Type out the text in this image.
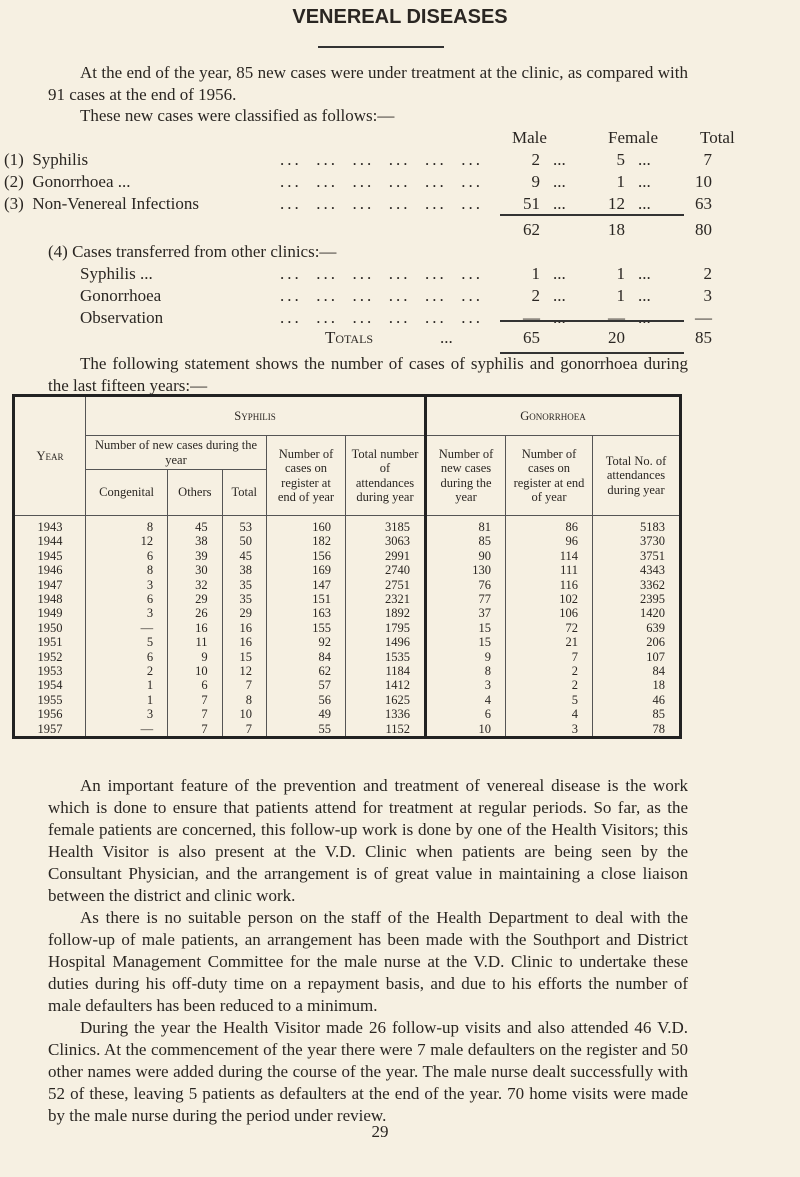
VENEREAL DISEASES

At the end of the year, 85 new cases were under treatment at the clinic, as compared with 91 cases at the end of 1956.

These new cases were classified as follows:—
Male	Female Total
(1) Syphilis	...  ...  ...  ...  ...  ...	2 ...	5 ...	7
(2) Gonorrhoea ...	...  ...  ...  ...  ...  ...	9 ...	1 ...	10
(3) Non-Venereal Infections	...  ...  ...  ...  ...  ...	51 ...	12 ...	63
62	18	80
(4) Cases transferred from other clinics:—
Syphilis ...	...  ...  ...  ...  ...  ...	1 ...	1 ...	2
Gonorrhoea	...  ...  ...  ...  ...  ...	2 ...	1 ...	3
Observation	...  ...  ...  ...  ...  ...	— ...	— ...	—
Totals	...	65	20	85

The following statement shows the number of cases of syphilis and gonorrhoea during the last fifteen years:—

Year	Syphilis					Gonorrhoea		
	Number of new cases during the year			Number of cases on register at end of year	Total number of attendances during year	Number of new cases during the year	Number of cases on register at end of year	Total No. of attendances during year
	Congenital	Others	Total					
1943	8	45	53	160	3185	81	86	5183
1944	12	38	50	182	3063	85	96	3730
1945	6	39	45	156	2991	90	114	3751
1946	8	30	38	169	2740	130	111	4343
1947	3	32	35	147	2751	76	116	3362
1948	6	29	35	151	2321	77	102	2395
1949	3	26	29	163	1892	37	106	1420
1950	—	16	16	155	1795	15	72	639
1951	5	11	16	92	1496	15	21	206
1952	6	9	15	84	1535	9	7	107
1953	2	10	12	62	1184	8	2	84
1954	1	6	7	57	1412	3	2	18
1955	1	7	8	56	1625	4	5	46
1956	3	7	10	49	1336	6	4	85
1957	—	7	7	55	1152	10	3	78

An important feature of the prevention and treatment of venereal disease is the work which is done to ensure that patients attend for treatment at regular periods. So far, as the female patients are concerned, this follow-up work is done by one of the Health Visitors; this Health Visitor is also present at the V.D. Clinic when patients are being seen by the Consultant Physician, and the arrangement is of great value in maintaining a close liaison between the district and clinic work.

As there is no suitable person on the staff of the Health Department to deal with the follow-up of male patients, an arrangement has been made with the Southport and District Hospital Management Committee for the male nurse at the V.D. Clinic to undertake these duties during his off-duty time on a repayment basis, and due to his efforts the number of male defaulters has been reduced to a minimum.

During the year the Health Visitor made 26 follow-up visits and also attended 46 V.D. Clinics. At the commencement of the year there were 7 male defaulters on the register and 50 other names were added during the course of the year. The male nurse dealt successfully with 52 of these, leaving 5 patients as defaulters at the end of the year. 70 home visits were made by the male nurse during the period under review.

29
